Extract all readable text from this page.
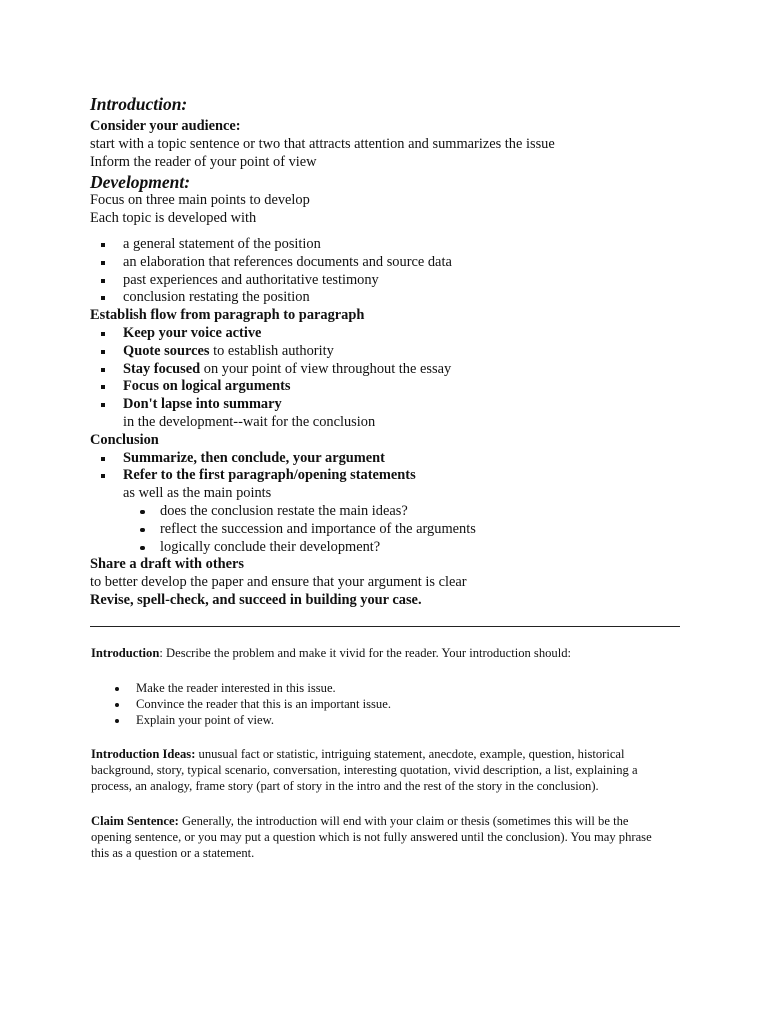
Introduction:
Consider your audience:
start with a topic sentence or two that attracts attention and summarizes the issue
Inform the reader of your point of view
Development:
Focus on three main points to develop
Each topic is developed with
a general statement of the position
an elaboration that references documents and source data
past experiences and authoritative testimony
conclusion restating the position
Establish flow from paragraph to paragraph
Keep your voice active
Quote sources to establish authority
Stay focused on your point of view throughout the essay
Focus on logical arguments
Don't lapse into summary
in the development--wait for the conclusion
Conclusion
Summarize, then conclude, your argument
Refer to the first paragraph/opening statements
as well as the main points
does the conclusion restate the main ideas?
reflect the succession and importance of the arguments
logically conclude their development?
Share a draft with others
to better develop the paper and ensure that your argument is clear
Revise, spell-check, and succeed in building your case.

Introduction: Describe the problem and make it vivid for the reader. Your introduction should:

Make the reader interested in this issue.
Convince the reader that this is an important issue.
Explain your point of view.

Introduction Ideas: unusual fact or statistic, intriguing statement, anecdote, example, question, historical background, story, typical scenario, conversation, interesting quotation, vivid description, a list, explaining a process, an analogy, frame story (part of story in the intro and the rest of the story in the conclusion).

Claim Sentence: Generally, the introduction will end with your claim or thesis (sometimes this will be the opening sentence, or you may put a question which is not fully answered until the conclusion). You may phrase this as a question or a statement.
